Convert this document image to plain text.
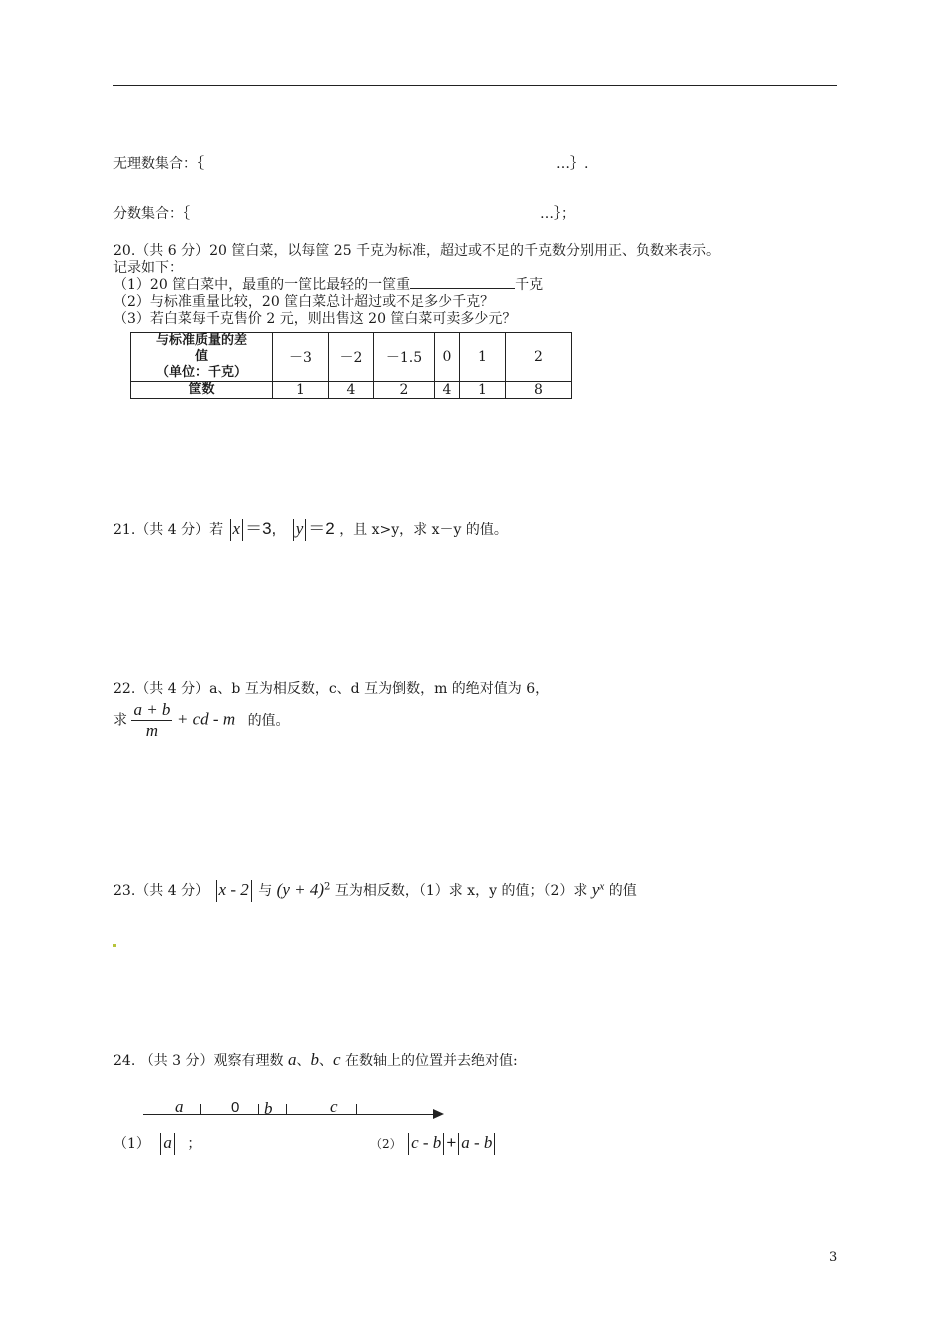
无理数集合：｛	…｝.
分数集合：｛	…｝；
20.（共 6 分）20 筐白菜，以每筐 25 千克为标准，超过或不足的千克数分别用正、负数来表示。
记录如下：
（1）20 筐白菜中，最重的一筐比最轻的一筐重	千克
（2）与标准重量比较，20 筐白菜总计超过或不足多少千克？
（3）若白菜每千克售价 2 元，则出售这 20 筐白菜可卖多少元？
与标准质量的差
值
（单位：千克）	－3	－2	－1.5	0	1	2
筐数	1	4	2	4	1	8
21.（共 4 分）若 x ＝3, y ＝2 ，且 x>y，求 x－y 的值。
22.（共 4 分）a、b 互为相反数，c、d 互为倒数，m 的绝对值为 6，
求 $\frac{a + b}{m}$ + cd - m 的值。
23.（共 4 分） x - 2 与 $(y + 4)^2$ 互为相反数，（1）求 x，y 的值；（2）求 $y^x$ 的值
24. （共 3 分）观察有理数 a、b、c 在数轴上的位置并去绝对值:
a	0 b	c
（1） a ；	（2） c - b + a - b
3
